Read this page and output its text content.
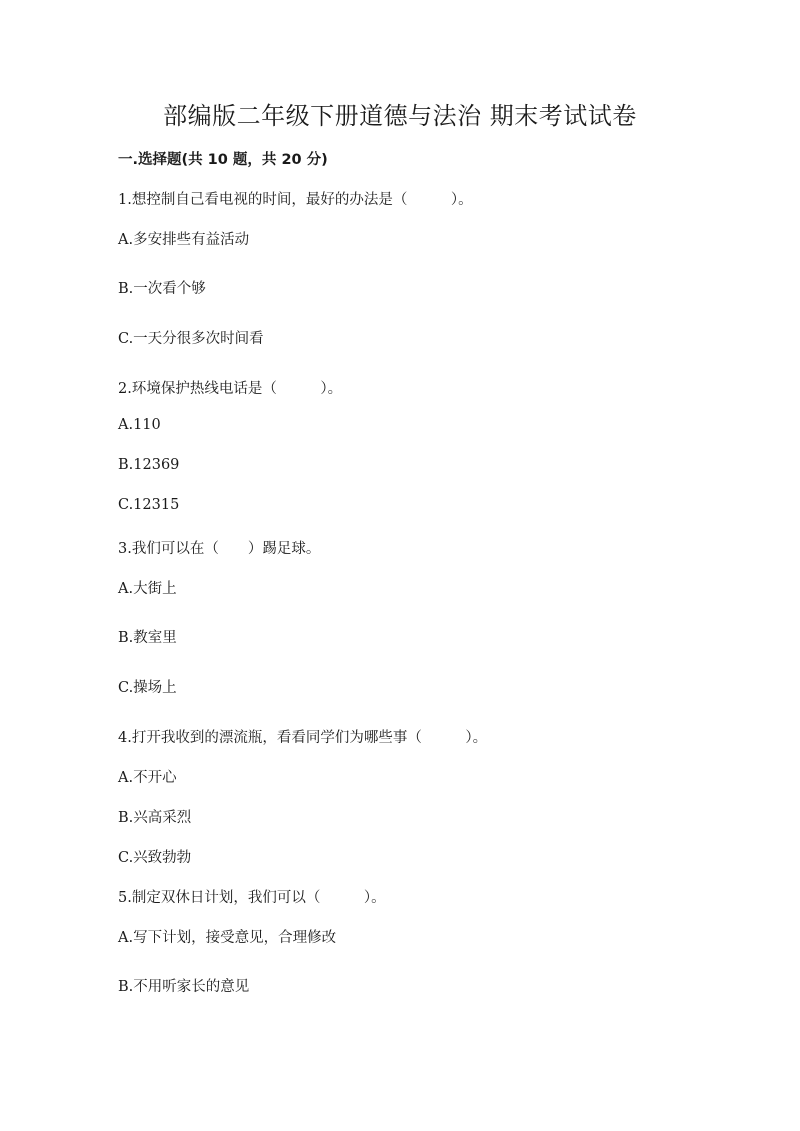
部编版二年级下册道德与法治 期末考试试卷
一.选择题(共 10 题，共 20 分)
1.想控制自己看电视的时间，最好的办法是（　　　）。
A.多安排些有益活动
B.一次看个够
C.一天分很多次时间看
2.环境保护热线电话是（　　　）。
A.110
B.12369
C.12315
3.我们可以在（　　）踢足球。
A.大街上
B.教室里
C.操场上
4.打开我收到的漂流瓶，看看同学们为哪些事（　　　）。
A.不开心
B.兴高采烈
C.兴致勃勃
5.制定双休日计划，我们可以（　　　）。
A.写下计划，接受意见，合理修改
B.不用听家长的意见
